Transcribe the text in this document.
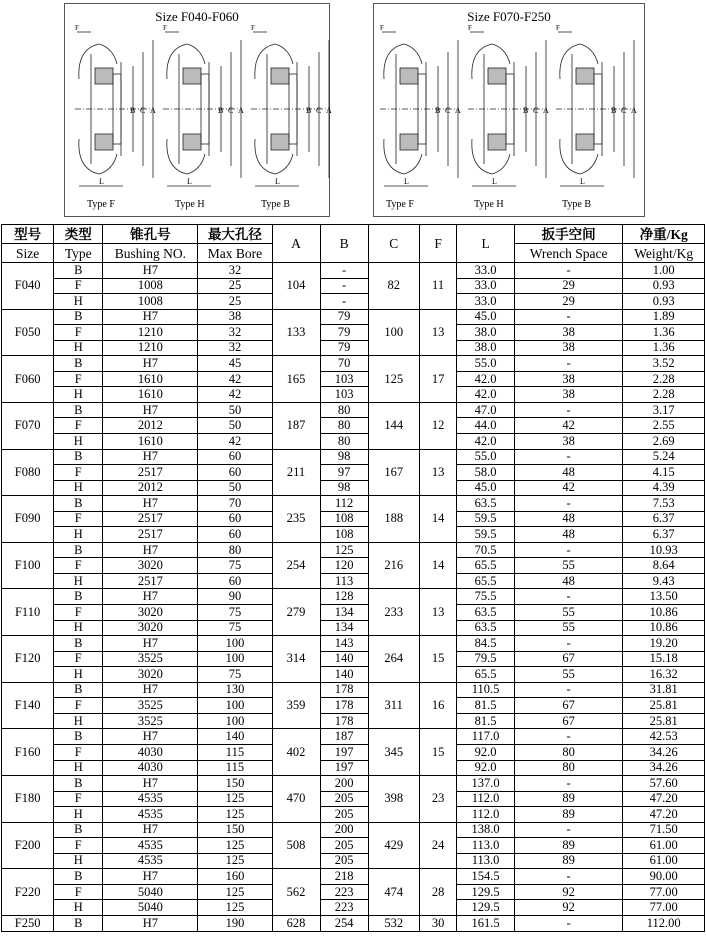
Size F040-F060
B C A
L
F
B C A
L
F
B C A
L
F
Type F	Type H	Type B
Size F070-F250
B C A
L
F
B C A
L
F
B C A
L
F
Type F	Type H	Type B
型号	类型	锥孔号	最大孔径	A	B	C	F	L	扳手空间	净重/Kg
Size	Type	Bushing NO.	Max Bore						Wrench Space	Weight/Kg
F040	B	H7	32	104	-	82	11	33.0	-	1.00
	F	1008	25		-			33.0	29	0.93
	H	1008	25		-			33.0	29	0.93
F050	B	H7	38	133	79	100	13	45.0	-	1.89
	F	1210	32		79			38.0	38	1.36
	H	1210	32		79			38.0	38	1.36
F060	B	H7	45	165	70	125	17	55.0	-	3.52
	F	1610	42		103			42.0	38	2.28
	H	1610	42		103			42.0	38	2.28
F070	B	H7	50	187	80	144	12	47.0	-	3.17
	F	2012	50		80			44.0	42	2.55
	H	1610	42		80			42.0	38	2.69
F080	B	H7	60	211	98	167	13	55.0	-	5.24
	F	2517	60		97			58.0	48	4.15
	H	2012	50		98			45.0	42	4.39
F090	B	H7	70	235	112	188	14	63.5	-	7.53
	F	2517	60		108			59.5	48	6.37
	H	2517	60		108			59.5	48	6.37
F100	B	H7	80	254	125	216	14	70.5	-	10.93
	F	3020	75		120			65.5	55	8.64
	H	2517	60		113			65.5	48	9.43
F110	B	H7	90	279	128	233	13	75.5	-	13.50
	F	3020	75		134			63.5	55	10.86
	H	3020	75		134			63.5	55	10.86
F120	B	H7	100	314	143	264	15	84.5	-	19.20
	F	3525	100		140			79.5	67	15.18
	H	3020	75		140			65.5	55	16.32
F140	B	H7	130	359	178	311	16	110.5	-	31.81
	F	3525	100		178			81.5	67	25.81
	H	3525	100		178			81.5	67	25.81
F160	B	H7	140	402	187	345	15	117.0	-	42.53
	F	4030	115		197			92.0	80	34.26
	H	4030	115		197			92.0	80	34.26
F180	B	H7	150	470	200	398	23	137.0	-	57.60
	F	4535	125		205			112.0	89	47.20
	H	4535	125		205			112.0	89	47.20
F200	B	H7	150	508	200	429	24	138.0	-	71.50
	F	4535	125		205			113.0	89	61.00
	H	4535	125		205			113.0	89	61.00
F220	B	H7	160	562	218	474	28	154.5	-	90.00
	F	5040	125		223			129.5	92	77.00
	H	5040	125		223			129.5	92	77.00
F250	B	H7	190	628	254	532	30	161.5	-	112.00
